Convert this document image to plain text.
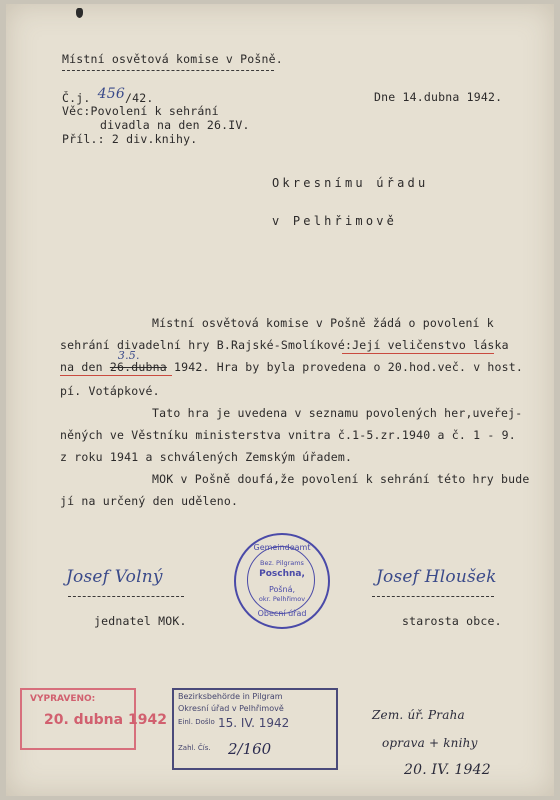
Místní osvětová komise v Pošně.
Č.j. 456/42.	Dne 14.dubna 1942.
Věc:Povolení k sehrání
divadla na den 26.IV.
Příl.: 2 div.knihy.
Okresnímu úřadu
v Pelhřimově
Místní osvětová komise v Pošně žádá o povolení k
sehrání divadelní hry B.Rajské-Smolíkové:Její veličenstvo láska
na den 26.dubna
3.5.
1942. Hra by byla provedena o 20.hod.več. v host.
pí. Votápkové.
Tato hra je uvedena v seznamu povolených her,uveřej-
něných ve Věstníku ministerstva vnitra č.1-5.zr.1940 a č. 1 - 9.
z roku 1941 a schválených Zemským úřadem.
MOK v Pošně doufá,že povolení k sehrání této hry bude
jí na určený den uděleno.
Josef Volný
jednatel MOK.
Josef Hloušek
starosta obce.
Gemeindeamt
Bez. Pilgrams
Poschna,
Pošná,
okr. Pelhřimov
Obecní úřad
VYPRAVENO:
20. dubna 1942
Bezirksbehörde in Pilgram
Okresní úřad v Pelhřimově
Einl. Došlo 15. IV. 1942
Zahl. Čís. 2/160
Zem. úř. Praha
oprava + knihy
20. IV. 1942
